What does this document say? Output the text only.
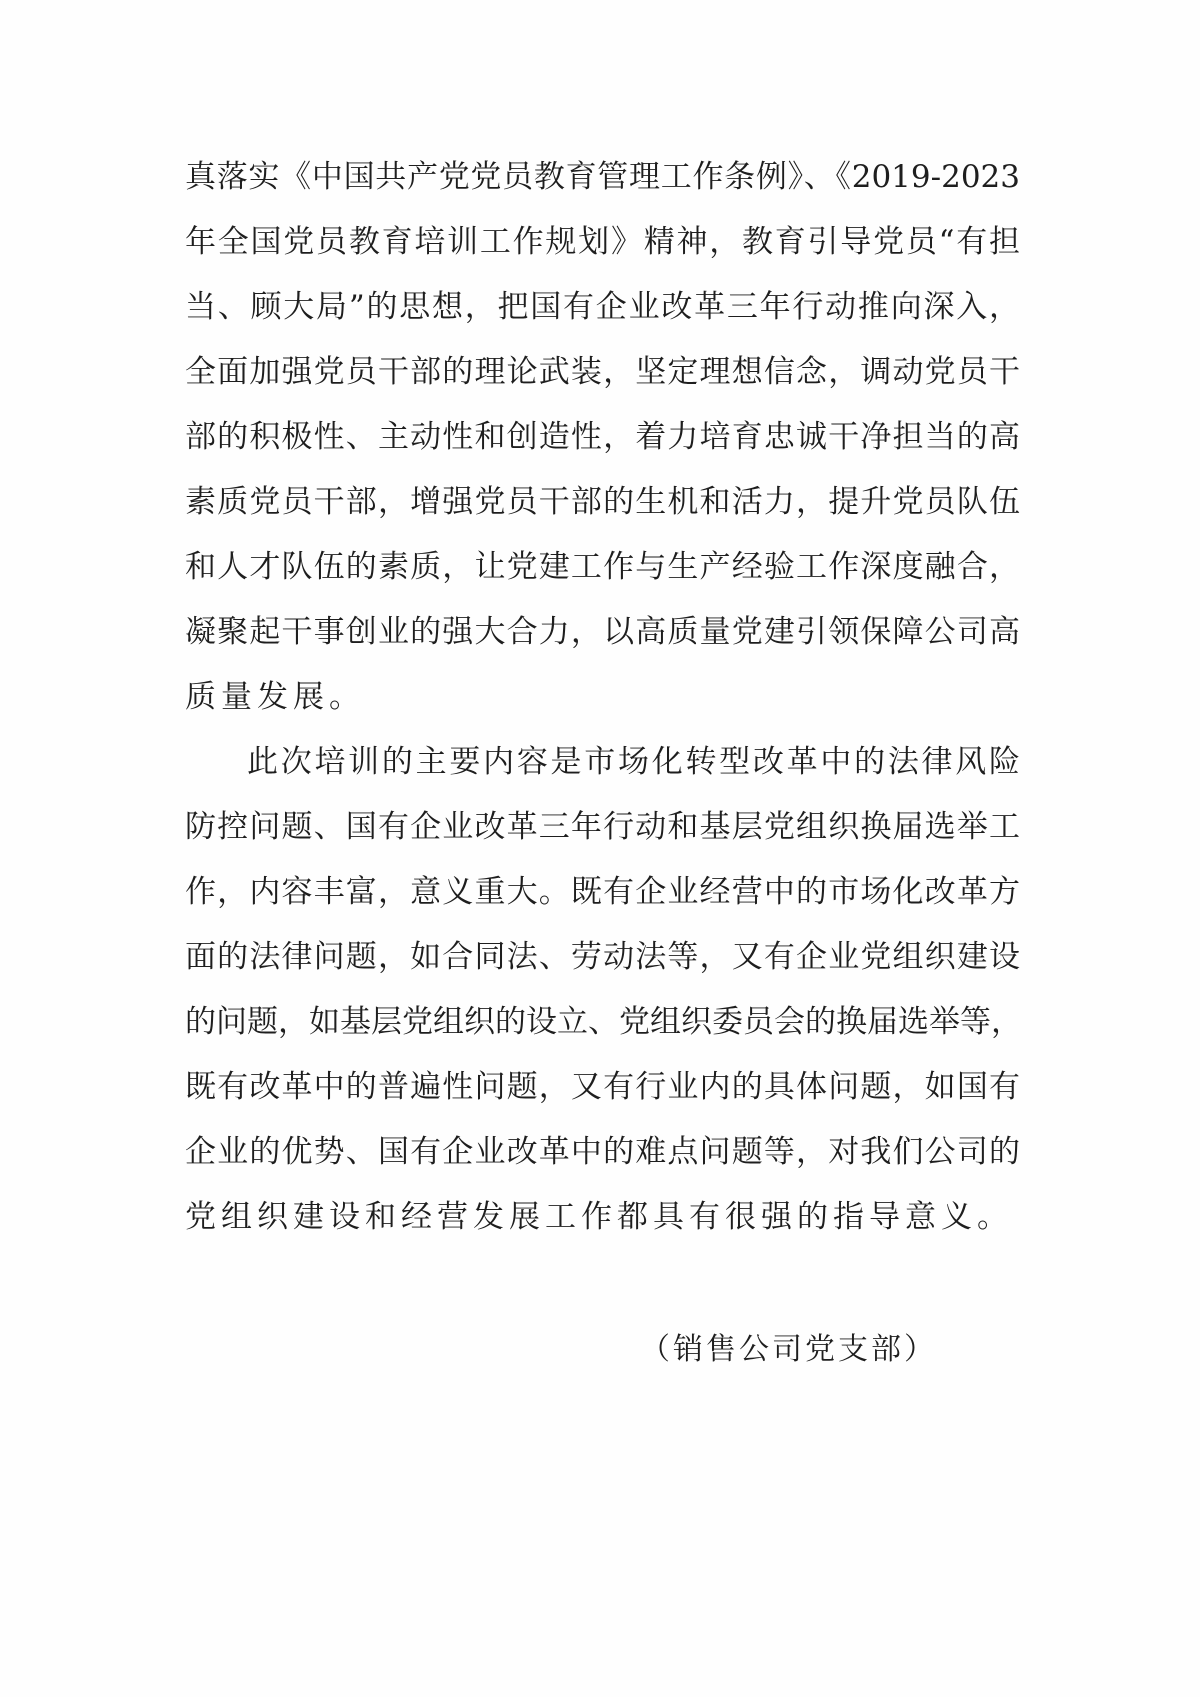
真落实《中国共产党党员教育管理工作条例》、《2019-2023
年全国党员教育培训工作规划》精神，教育引导党员“有担
当、顾大局”的思想，把国有企业改革三年行动推向深入，
全面加强党员干部的理论武装，坚定理想信念，调动党员干
部的积极性、主动性和创造性，着力培育忠诚干净担当的高
素质党员干部，增强党员干部的生机和活力，提升党员队伍
和人才队伍的素质，让党建工作与生产经验工作深度融合，
凝聚起干事创业的强大合力，以高质量党建引领保障公司高
质量发展。
此次培训的主要内容是市场化转型改革中的法律风险
防控问题、国有企业改革三年行动和基层党组织换届选举工
作，内容丰富，意义重大。既有企业经营中的市场化改革方
面的法律问题，如合同法、劳动法等，又有企业党组织建设
的问题，如基层党组织的设立、党组织委员会的换届选举等，
既有改革中的普遍性问题，又有行业内的具体问题，如国有
企业的优势、国有企业改革中的难点问题等，对我们公司的
党组织建设和经营发展工作都具有很强的指导意义。
（销售公司党支部）
